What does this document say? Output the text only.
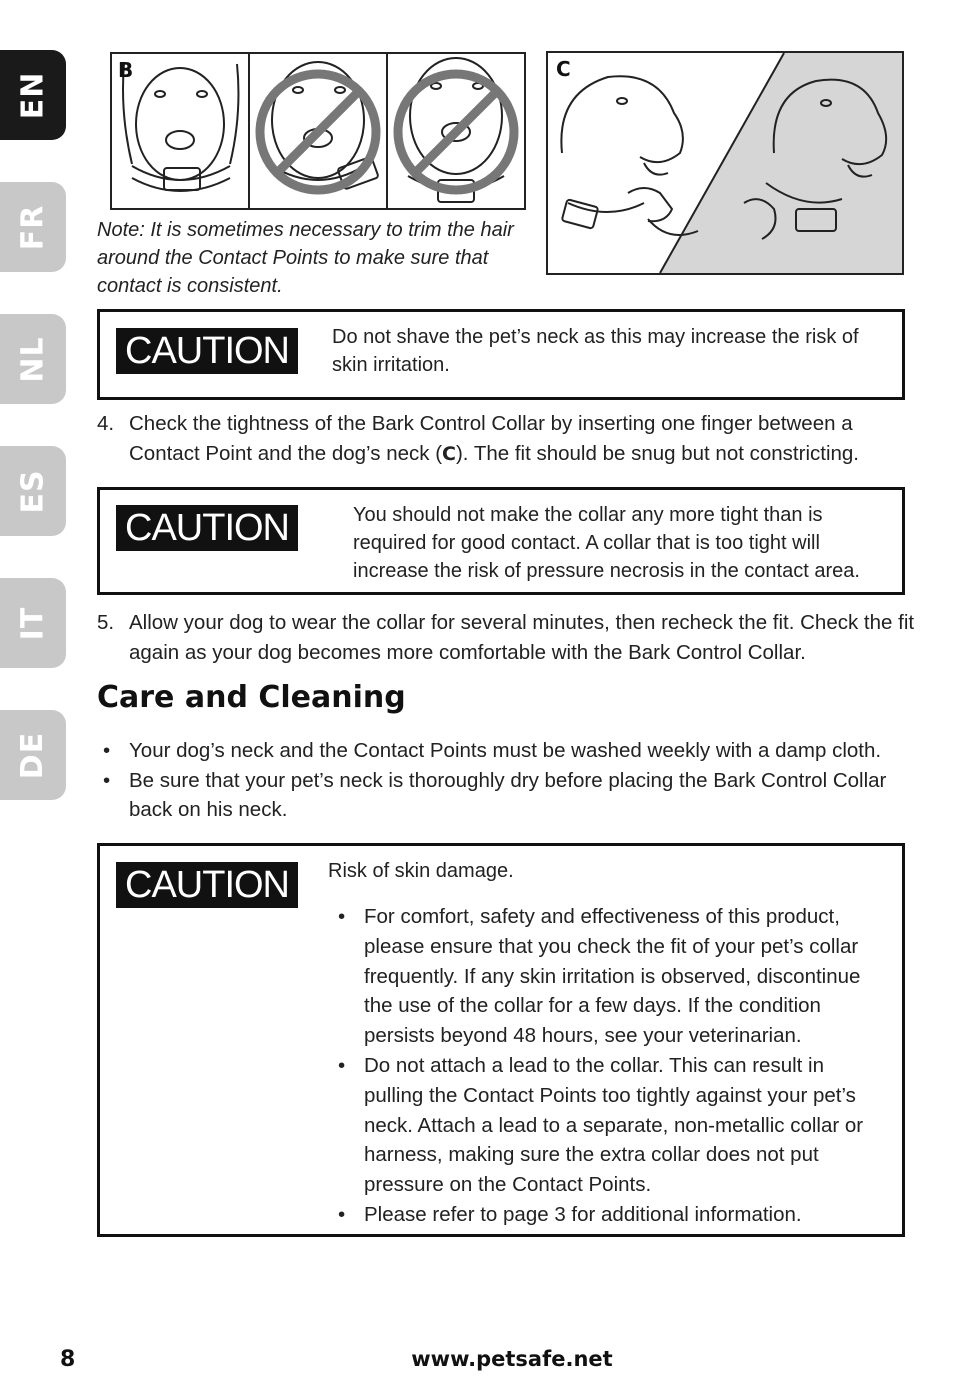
EN
FR
NL
ES
IT
DE
B	C
Note: It is sometimes necessary to trim the hair around the Contact Points to make sure that contact is consistent.
CAUTION	Do not shave the pet’s neck as this may increase the risk of skin irritation.
4. Check the tightness of the Bark Control Collar by inserting one finger between a Contact Point and the dog’s neck (C). The fit should be snug but not constricting.
CAUTION	You should not make the collar any more tight than is required for good contact. A collar that is too tight will increase the risk of pressure necrosis in the contact area.
5. Allow your dog to wear the collar for several minutes, then recheck the fit. Check the fit again as your dog becomes more comfortable with the Bark Control Collar.
Care and Cleaning
• Your dog’s neck and the Contact Points must be washed weekly with a damp cloth.
• Be sure that your pet’s neck is thoroughly dry before placing the Bark Control Collar back on his neck.
CAUTION	Risk of skin damage.
• For comfort, safety and effectiveness of this product, please ensure that you check the fit of your pet’s collar frequently. If any skin irritation is observed, discontinue the use of the collar for a few days. If the condition persists beyond 48 hours, see your veterinarian.
• Do not attach a lead to the collar. This can result in pulling the Contact Points too tightly against your pet’s neck. Attach a lead to a separate, non-metallic collar or harness, making sure the extra collar does not put pressure on the Contact Points.
• Please refer to page 3 for additional information.
8	www.petsafe.net
